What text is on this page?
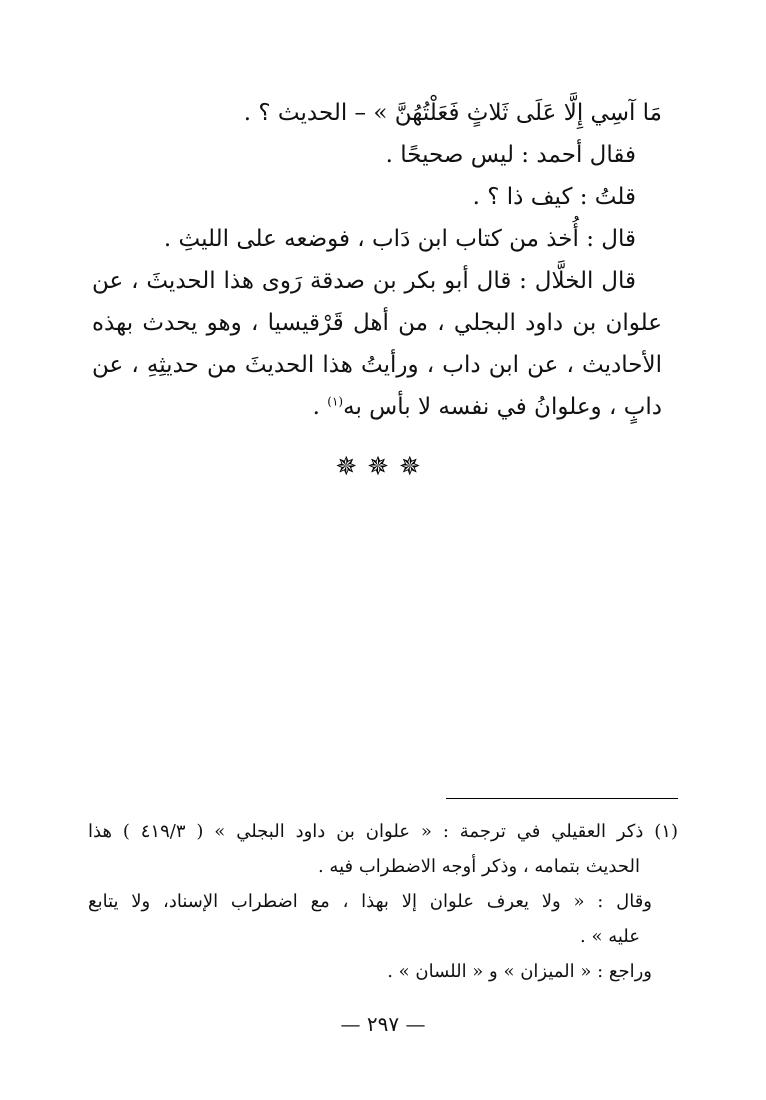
مَا آسِي إِلَّا عَلَى ثَلاثٍ فَعَلْتُهُنَّ » – الحديث ؟ .
فقال أحمد : ليس صحيحًا .
قلتُ : كيف ذا ؟ .
قال : أُخذ من كتاب ابن دَاب ، فوضعه على الليثِ .
قال الخلَّال : قال أبو بكر بن صدقة رَوى هذا الحديثَ ، عن
علوان بن داود البجلي ، من أهل قَرْقيسيا ، وهو يحدث بهذه
الأحاديث ، عن ابن داب ، ورأيتُ هذا الحديثَ من حديثِهِ ، عن
دابٍ ، وعلوانُ في نفسه لا بأس به$^{(١)}$ .
✵✵✵
(١) ذكر العقيلي في ترجمة : « علوان بن داود البجلي » ( ٤١٩/٣ ) هذا
الحديث بتمامه ، وذكر أوجه الاضطراب فيه .
وقال : « ولا يعرف علوان إلا بهذا ، مع اضطراب الإسناد، ولا يتابع
عليه » .
وراجع : « الميزان » و « اللسان » .
— ٢٩٧ —
